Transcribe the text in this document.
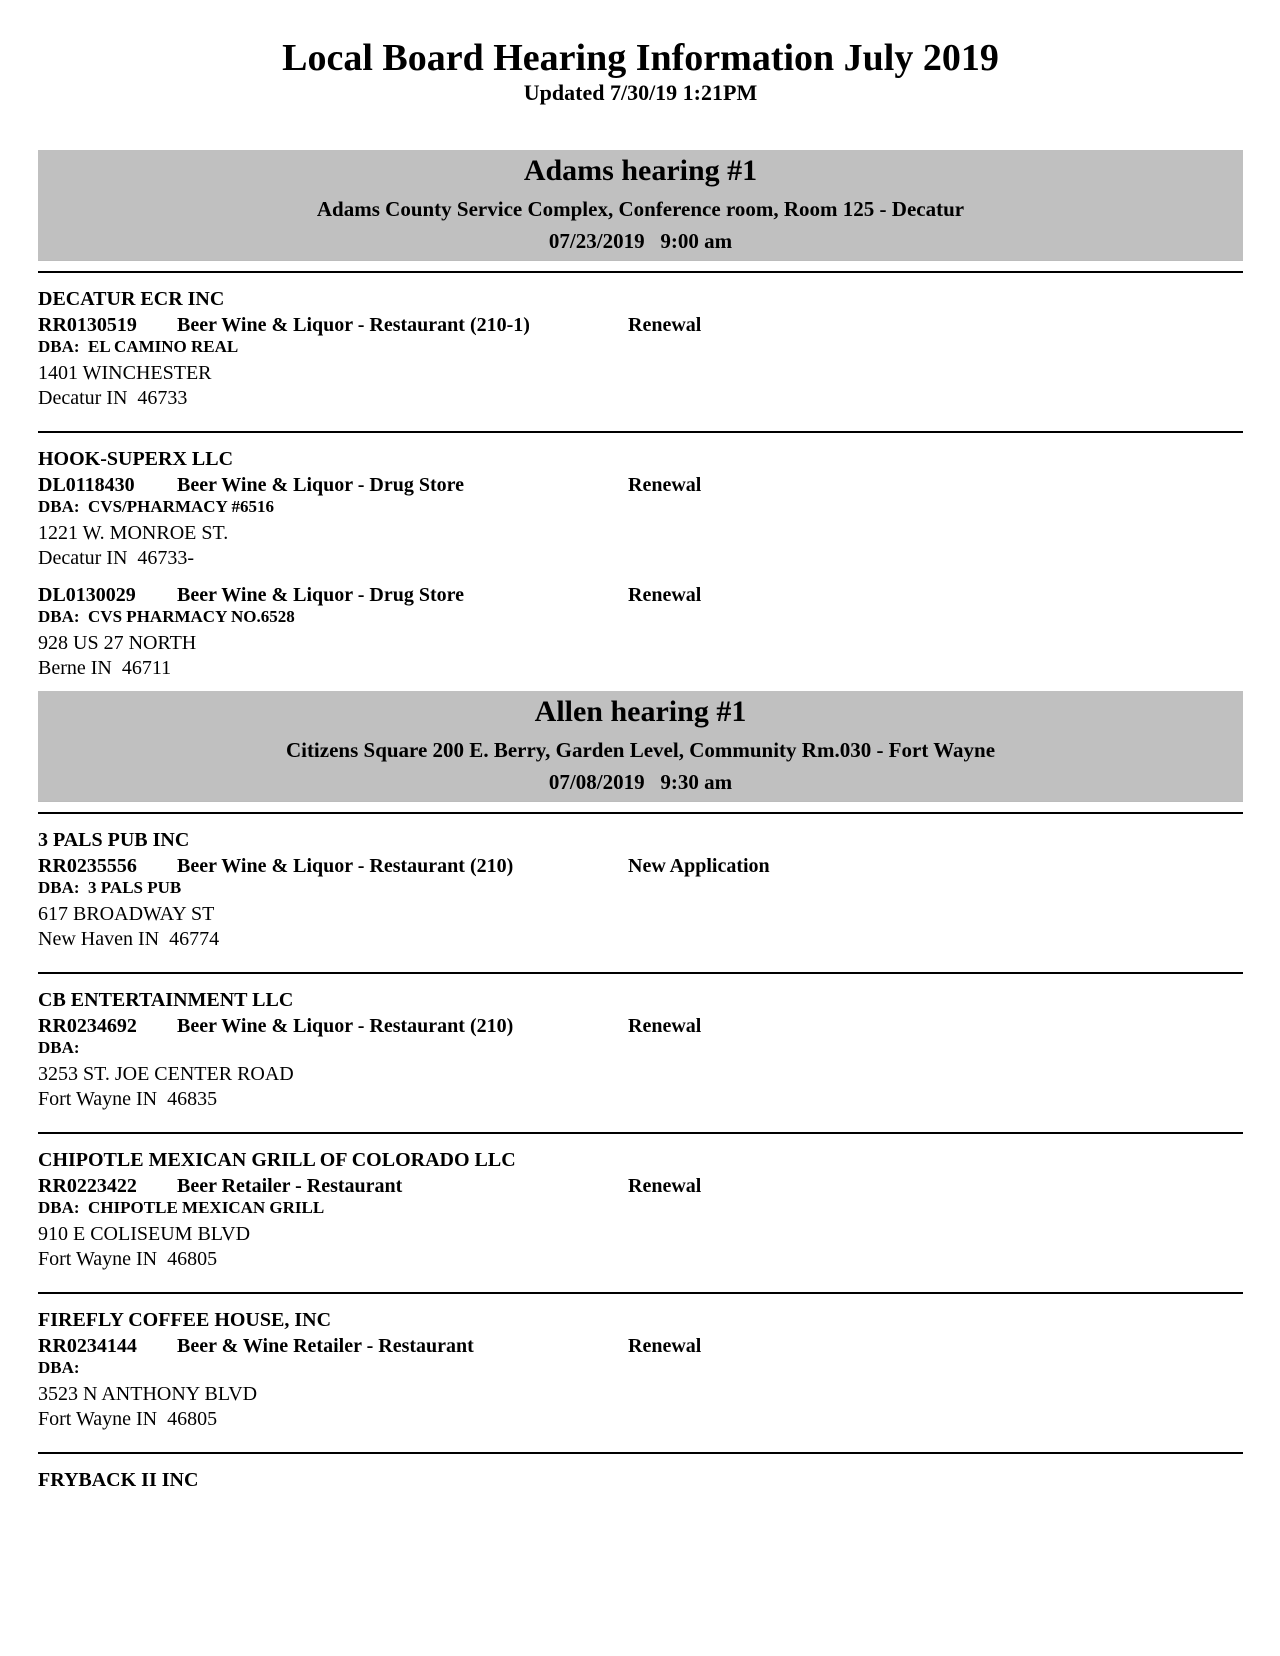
Local Board Hearing Information July 2019
Updated 7/30/19 1:21PM
Adams hearing #1
Adams County Service Complex, Conference room, Room 125 - Decatur
07/23/2019   9:00 am
DECATUR ECR INC
RR0130519 Beer Wine & Liquor - Restaurant (210-1)	Renewal
DBA:  EL CAMINO REAL
1401 WINCHESTER
Decatur IN  46733
HOOK-SUPERX LLC
DL0118430 Beer Wine & Liquor - Drug Store	Renewal
DBA:  CVS/PHARMACY #6516
1221 W. MONROE ST.
Decatur IN  46733-
DL0130029 Beer Wine & Liquor - Drug Store	Renewal
DBA:  CVS PHARMACY NO.6528
928 US 27 NORTH
Berne IN  46711
Allen hearing #1
Citizens Square 200 E. Berry, Garden Level, Community Rm.030 - Fort Wayne
07/08/2019   9:30 am
3 PALS PUB INC
RR0235556 Beer Wine & Liquor - Restaurant (210)	New Application
DBA:  3 PALS PUB
617 BROADWAY ST
New Haven IN  46774
CB ENTERTAINMENT LLC
RR0234692 Beer Wine & Liquor - Restaurant (210)	Renewal
DBA:
3253 ST. JOE CENTER ROAD
Fort Wayne IN  46835
CHIPOTLE MEXICAN GRILL OF COLORADO LLC
RR0223422 Beer Retailer - Restaurant	Renewal
DBA:  CHIPOTLE MEXICAN GRILL
910 E COLISEUM BLVD
Fort Wayne IN  46805
FIREFLY COFFEE HOUSE, INC
RR0234144 Beer & Wine Retailer - Restaurant	Renewal
DBA:
3523 N ANTHONY BLVD
Fort Wayne IN  46805
FRYBACK II INC
